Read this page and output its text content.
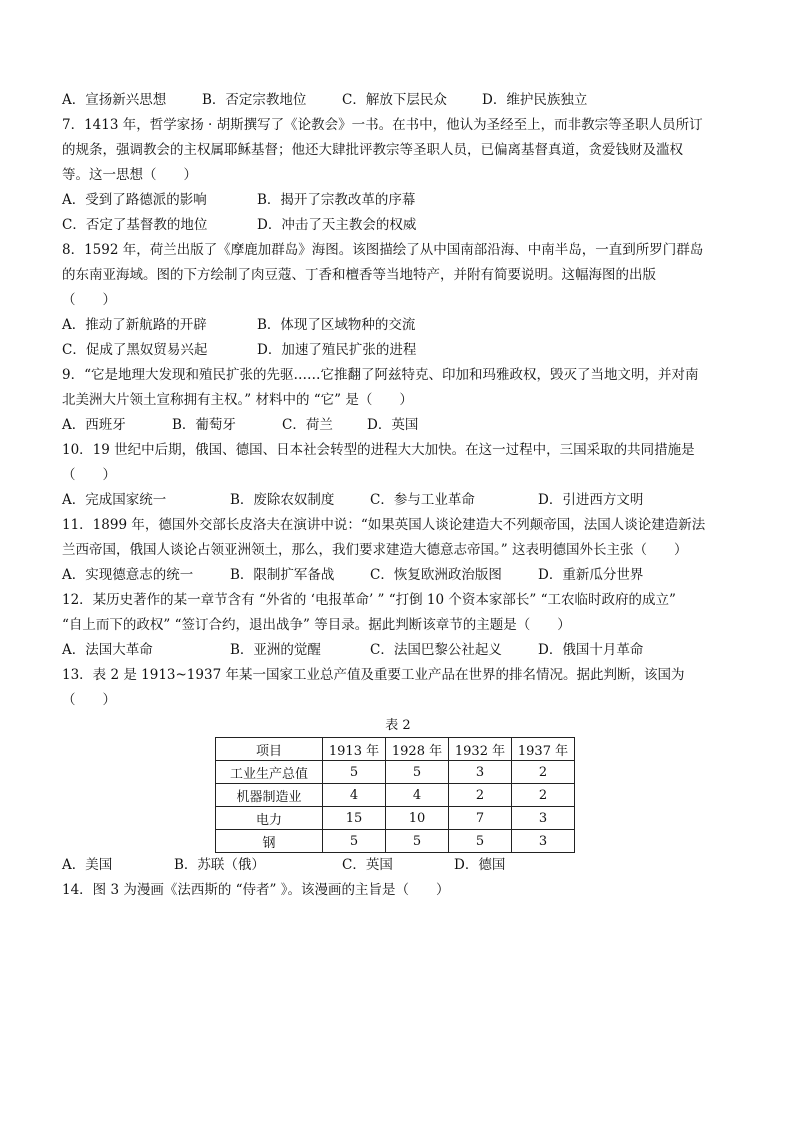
A．宣扬新兴思想	B．否定宗教地位	C．解放下层民众	D．维护民族独立
7．1413 年，哲学家扬 · 胡斯撰写了《论教会》一书。在书中，他认为圣经至上，而非教宗等圣职人员所订
的规条，强调教会的主权属耶稣基督；他还大肆批评教宗等圣职人员，已偏离基督真道，贪爱钱财及滥权
等。这一思想（　　）
A．受到了路德派的影响	B．揭开了宗教改革的序幕
C．否定了基督教的地位	D．冲击了天主教会的权威
8．1592 年，荷兰出版了《摩鹿加群岛》海图。该图描绘了从中国南部沿海、中南半岛，一直到所罗门群岛
的东南亚海域。图的下方绘制了肉豆蔻、丁香和檀香等当地特产，并附有简要说明。这幅海图的出版
（　　）
A．推动了新航路的开辟	B．体现了区域物种的交流
C．促成了黑奴贸易兴起	D．加速了殖民扩张的进程
9．“它是地理大发现和殖民扩张的先驱……它推翻了阿兹特克、印加和玛雅政权，毁灭了当地文明，并对南
北美洲大片领土宣称拥有主权。” 材料中的 “它” 是（　　）
A．西班牙	B．葡萄牙	C．荷兰	D．英国
10．19 世纪中后期，俄国、德国、日本社会转型的进程大大加快。在这一过程中，三国采取的共同措施是
（　　）
A．完成国家统一	B．废除农奴制度	C．参与工业革命	D．引进西方文明
11．1899 年，德国外交部长皮洛夫在演讲中说：“如果英国人谈论建造大不列颠帝国，法国人谈论建造新法
兰西帝国，俄国人谈论占领亚洲领土，那么，我们要求建造大德意志帝国。” 这表明德国外长主张（　　）
A．实现德意志的统一	B．限制扩军备战	C．恢复欧洲政治版图	D．重新瓜分世界
12．某历史著作的某一章节含有 “外省的 ‘电报革命’ ” “打倒 10 个资本家部长” “工农临时政府的成立”
“自上而下的政权” “签订合约，退出战争” 等目录。据此判断该章节的主题是（　　）
A．法国大革命	B．亚洲的觉醒	C．法国巴黎公社起义	D．俄国十月革命
13．表 2 是 1913~1937 年某一国家工业总产值及重要工业产品在世界的排名情况。据此判断，该国为
（　　）
表 2
项目	1913 年	1928 年	1932 年	1937 年
工业生产总值	5	5	3	2
机器制造业	4	4	2	2
电力	15	10	7	3
钢	5	5	5	3
A．美国	B．苏联（俄）	C．英国	D．德国
14．图 3 为漫画《法西斯的 “侍者” 》。该漫画的主旨是（　　）
